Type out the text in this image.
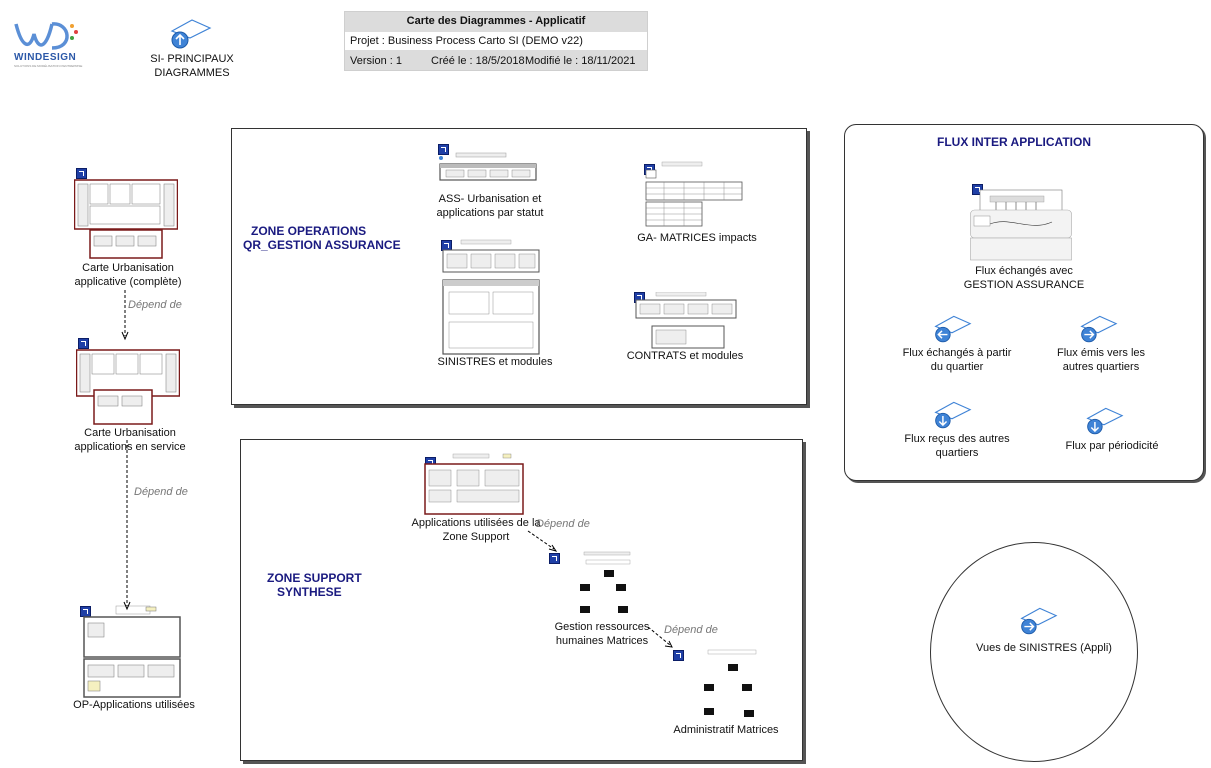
WINDESIGN
SOLUTIONS DE MODÉLISATION D'ENTREPRISE
SI- PRINCIPAUX DIAGRAMMES
Carte des Diagrammes - Applicatif
Projet : Business Process Carto SI (DEMO v22)
Version : 1	Créé le : 18/5/2018 Modifié le : 18/11/2021
Carte Urbanisation applicative (complète)
Carte Urbanisation applications en service
OP-Applications utilisées
Dépend de
Dépend de
ZONE OPERATIONS
QR_GESTION ASSURANCE
ASS- Urbanisation et applications par statut
GA- MATRICES impacts
SINISTRES et modules	CONTRATS et modules
ZONE SUPPORT
SYNTHESE
Applications utilisées de la Zone Support
Gestion ressources humaines Matrices
Administratif Matrices
Dépend de
Dépend de
FLUX INTER APPLICATION
Flux échangés avec GESTION ASSURANCE
Flux échangés à partir du quartier
Flux émis vers les autres quartiers
Flux reçus des autres quartiers
Flux par périodicité
Vues de SINISTRES (Appli)
